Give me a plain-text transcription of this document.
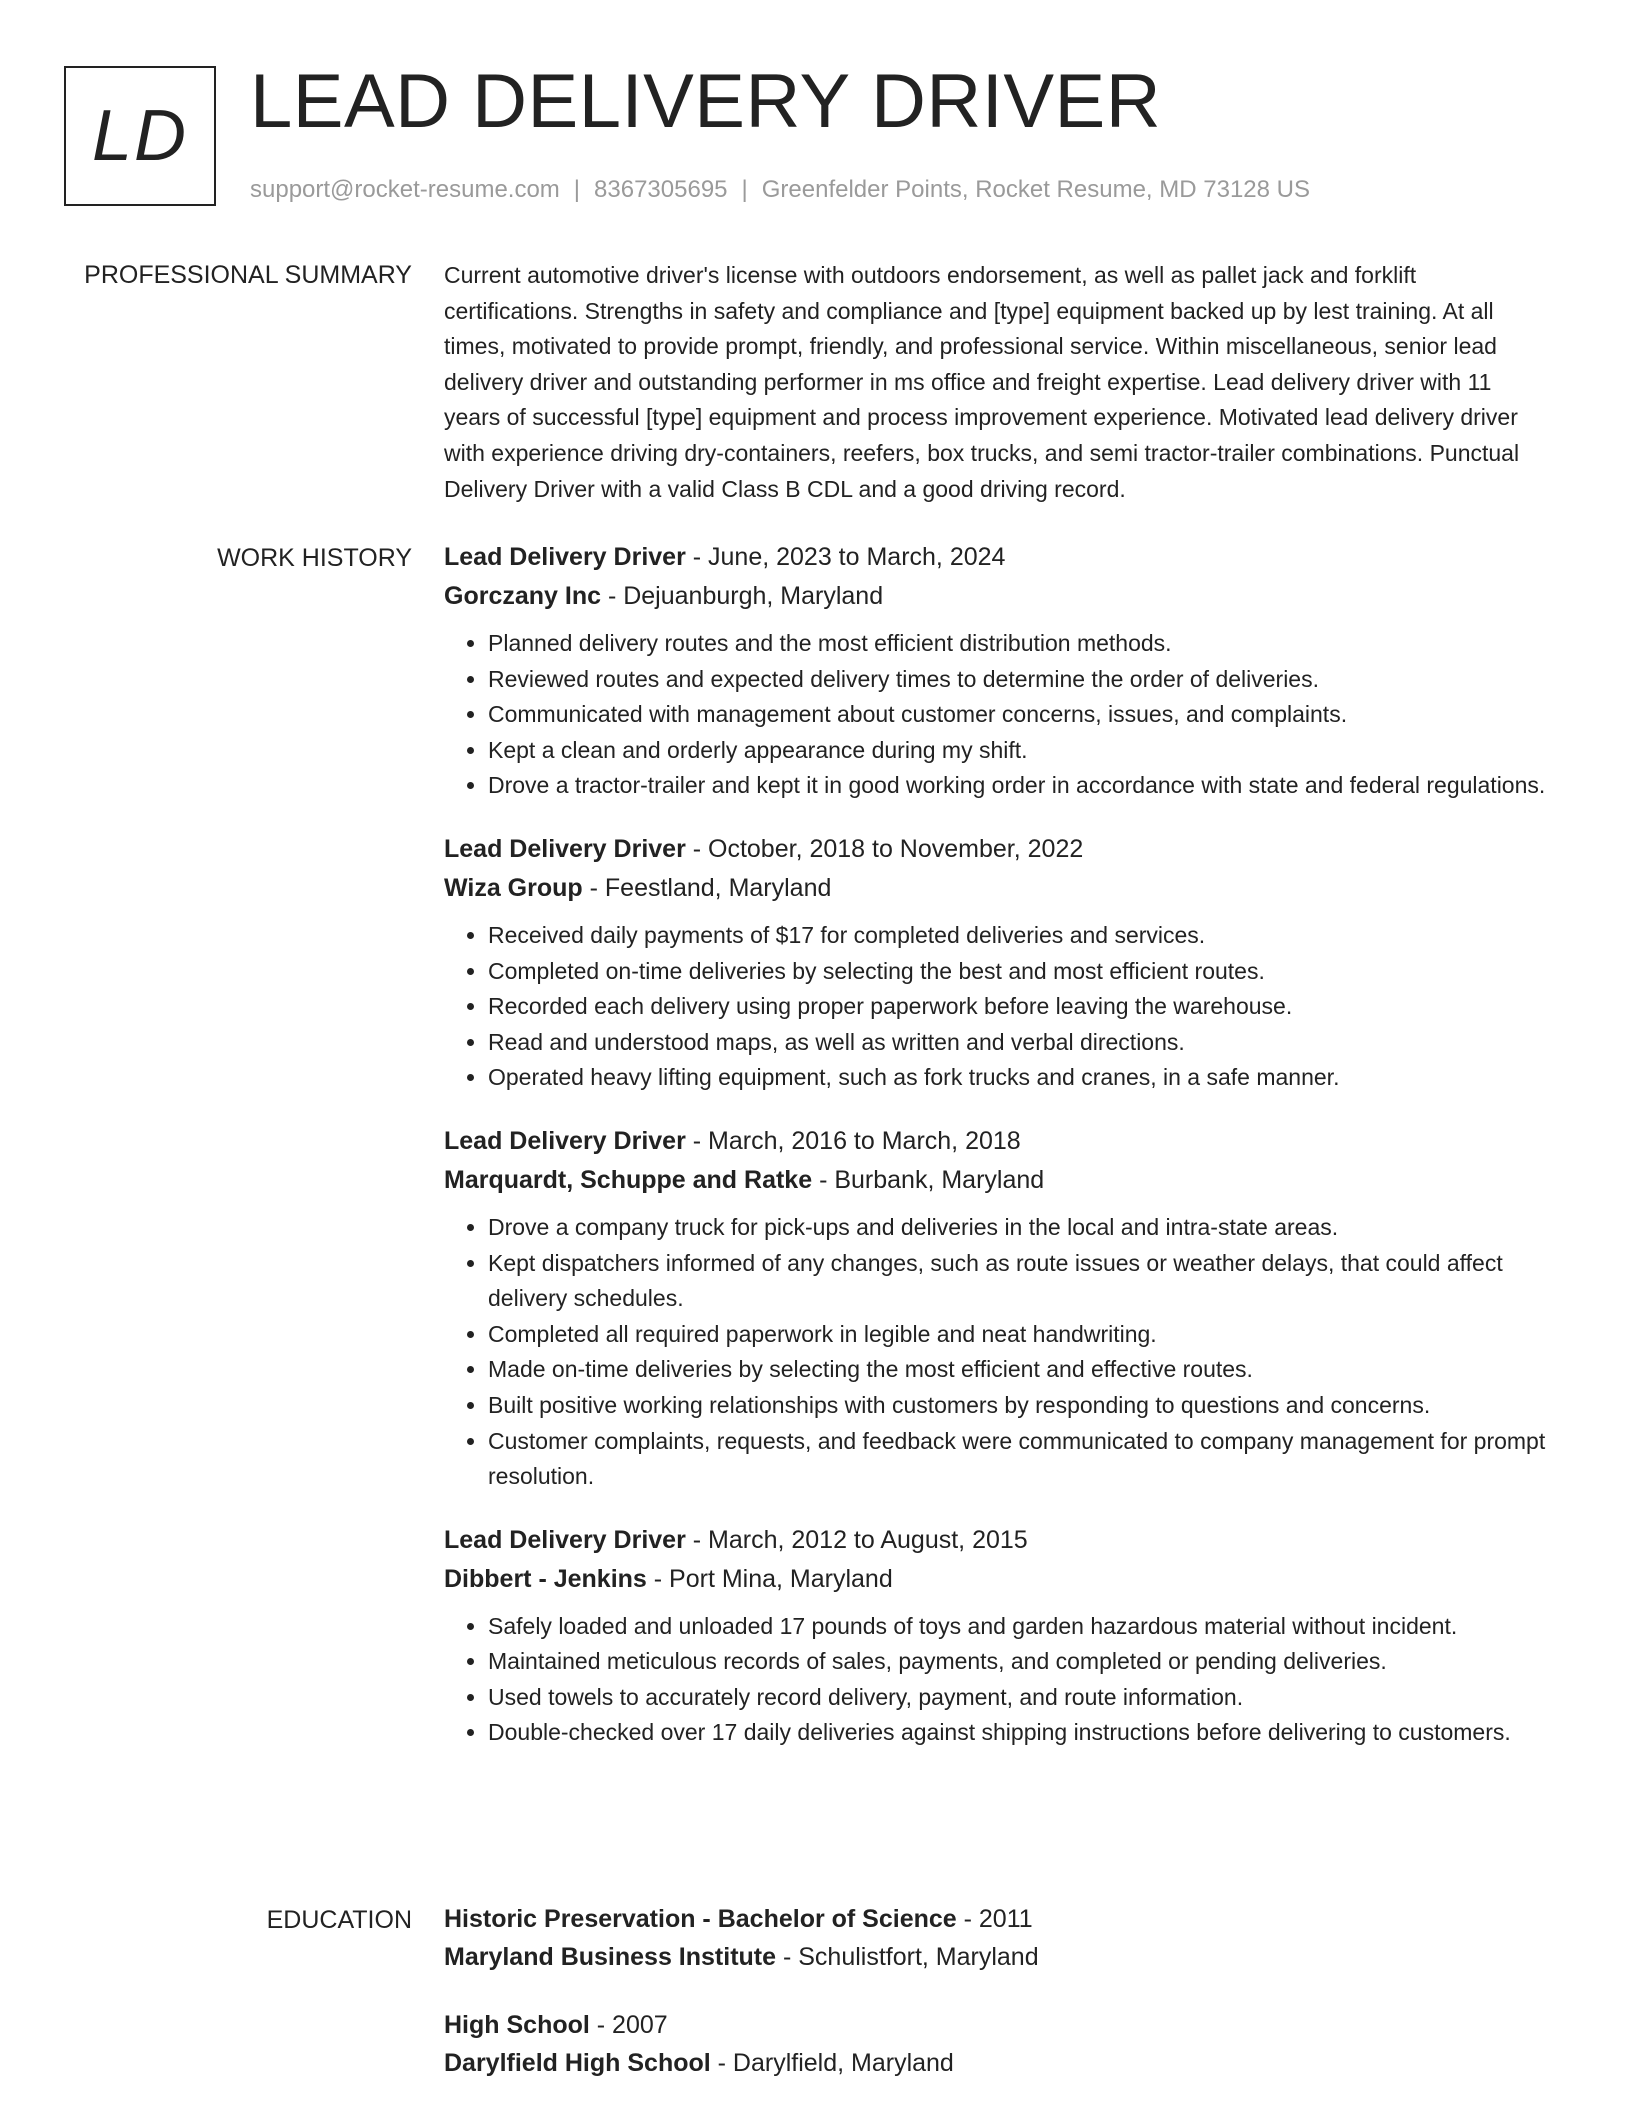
LD LEAD DELIVERY DRIVER
support@rocket-resume.com | 8367305695 | Greenfelder Points, Rocket Resume, MD 73128 US
PROFESSIONAL SUMMARY Current automotive driver's license with outdoors endorsement, as well as pallet jack and forklift certifications. Strengths in safety and compliance and [type] equipment backed up by lest training. At all times, motivated to provide prompt, friendly, and professional service. Within miscellaneous, senior lead delivery driver and outstanding performer in ms office and freight expertise. Lead delivery driver with 11 years of successful [type] equipment and process improvement experience. Motivated lead delivery driver with experience driving dry-containers, reefers, box trucks, and semi tractor-trailer combinations. Punctual Delivery Driver with a valid Class B CDL and a good driving record.

WORK HISTORY Lead Delivery Driver - June, 2023 to March, 2024
Gorczany Inc - Dejuanburgh, Maryland
• Planned delivery routes and the most efficient distribution methods.
• Reviewed routes and expected delivery times to determine the order of deliveries.
• Communicated with management about customer concerns, issues, and complaints.
• Kept a clean and orderly appearance during my shift.
• Drove a tractor-trailer and kept it in good working order in accordance with state and federal regulations.
Lead Delivery Driver - October, 2018 to November, 2022
Wiza Group - Feestland, Maryland
• Received daily payments of $17 for completed deliveries and services.
• Completed on-time deliveries by selecting the best and most efficient routes.
• Recorded each delivery using proper paperwork before leaving the warehouse.
• Read and understood maps, as well as written and verbal directions.
• Operated heavy lifting equipment, such as fork trucks and cranes, in a safe manner.
Lead Delivery Driver - March, 2016 to March, 2018
Marquardt, Schuppe and Ratke - Burbank, Maryland
• Drove a company truck for pick-ups and deliveries in the local and intra-state areas.
• Kept dispatchers informed of any changes, such as route issues or weather delays, that could affect delivery schedules.
• Completed all required paperwork in legible and neat handwriting.
• Made on-time deliveries by selecting the most efficient and effective routes.
• Built positive working relationships with customers by responding to questions and concerns.
• Customer complaints, requests, and feedback were communicated to company management for prompt resolution.
Lead Delivery Driver - March, 2012 to August, 2015
Dibbert - Jenkins - Port Mina, Maryland
• Safely loaded and unloaded 17 pounds of toys and garden hazardous material without incident.
• Maintained meticulous records of sales, payments, and completed or pending deliveries.
• Used towels to accurately record delivery, payment, and route information.
• Double-checked over 17 daily deliveries against shipping instructions before delivering to customers.
EDUCATION Historic Preservation - Bachelor of Science - 2011
Maryland Business Institute - Schulistfort, Maryland
High School - 2007
Darylfield High School - Darylfield, Maryland
